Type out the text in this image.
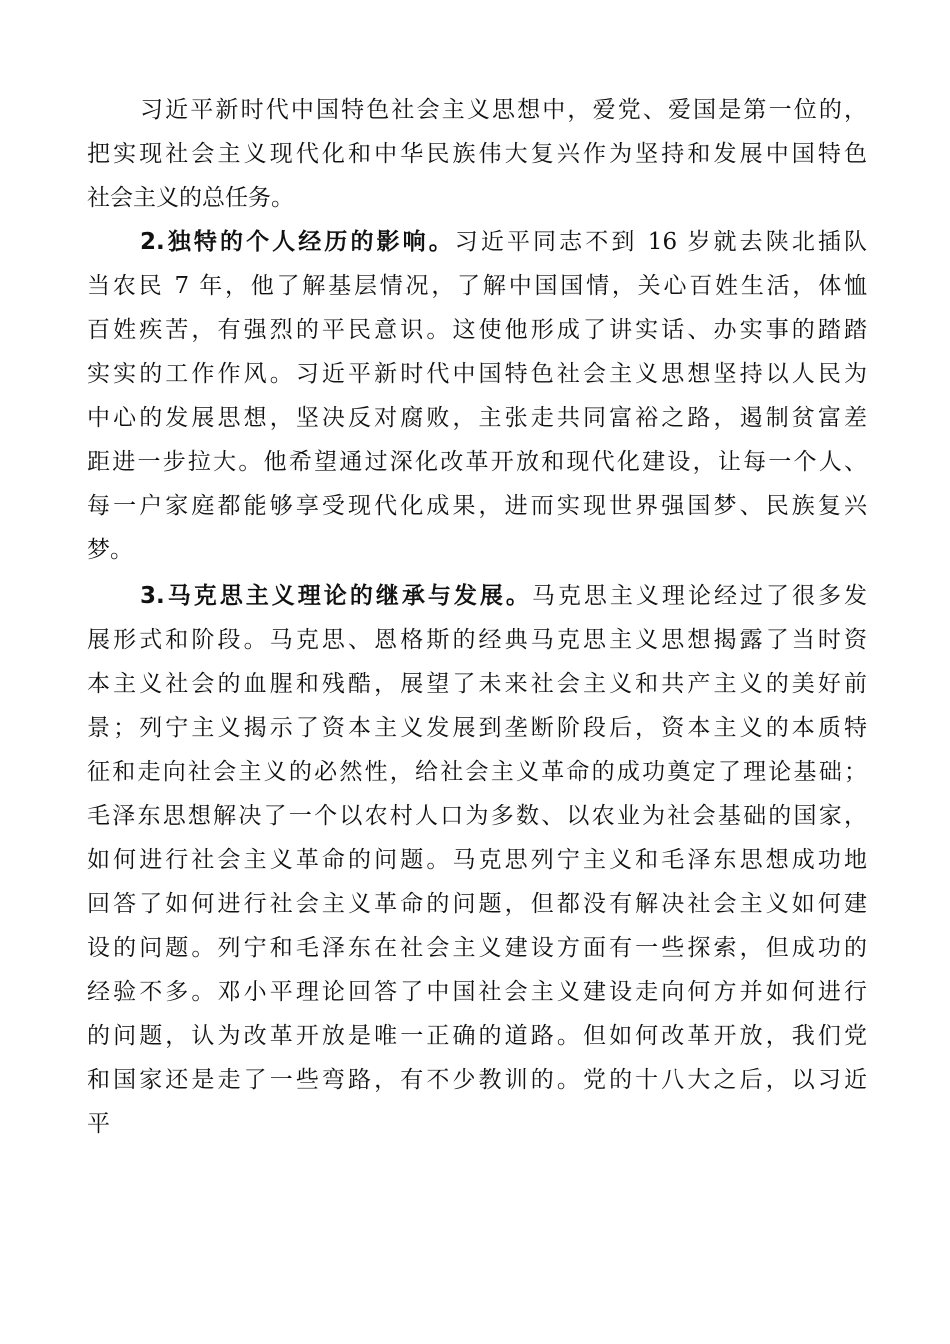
习近平新时代中国特色社会主义思想中，爱党、爱国是第一位的，
把实现社会主义现代化和中华民族伟大复兴作为坚持和发展中国特色
社会主义的总任务。
2.独特的个人经历的影响。习近平同志不到 16 岁就去陕北插队
当农民 7 年，他了解基层情况，了解中国国情，关心百姓生活，体恤
百姓疾苦，有强烈的平民意识。这使他形成了讲实话、办实事的踏踏
实实的工作作风。习近平新时代中国特色社会主义思想坚持以人民为
中心的发展思想，坚决反对腐败，主张走共同富裕之路，遏制贫富差
距进一步拉大。他希望通过深化改革开放和现代化建设，让每一个人、
每一户家庭都能够享受现代化成果，进而实现世界强国梦、民族复兴
梦。
3.马克思主义理论的继承与发展。马克思主义理论经过了很多发
展形式和阶段。马克思、恩格斯的经典马克思主义思想揭露了当时资
本主义社会的血腥和残酷，展望了未来社会主义和共产主义的美好前
景；列宁主义揭示了资本主义发展到垄断阶段后，资本主义的本质特
征和走向社会主义的必然性，给社会主义革命的成功奠定了理论基础；
毛泽东思想解决了一个以农村人口为多数、以农业为社会基础的国家，
如何进行社会主义革命的问题。马克思列宁主义和毛泽东思想成功地
回答了如何进行社会主义革命的问题，但都没有解决社会主义如何建
设的问题。列宁和毛泽东在社会主义建设方面有一些探索，但成功的
经验不多。邓小平理论回答了中国社会主义建设走向何方并如何进行
的问题，认为改革开放是唯一正确的道路。但如何改革开放，我们党
和国家还是走了一些弯路，有不少教训的。党的十八大之后，以习近
平
